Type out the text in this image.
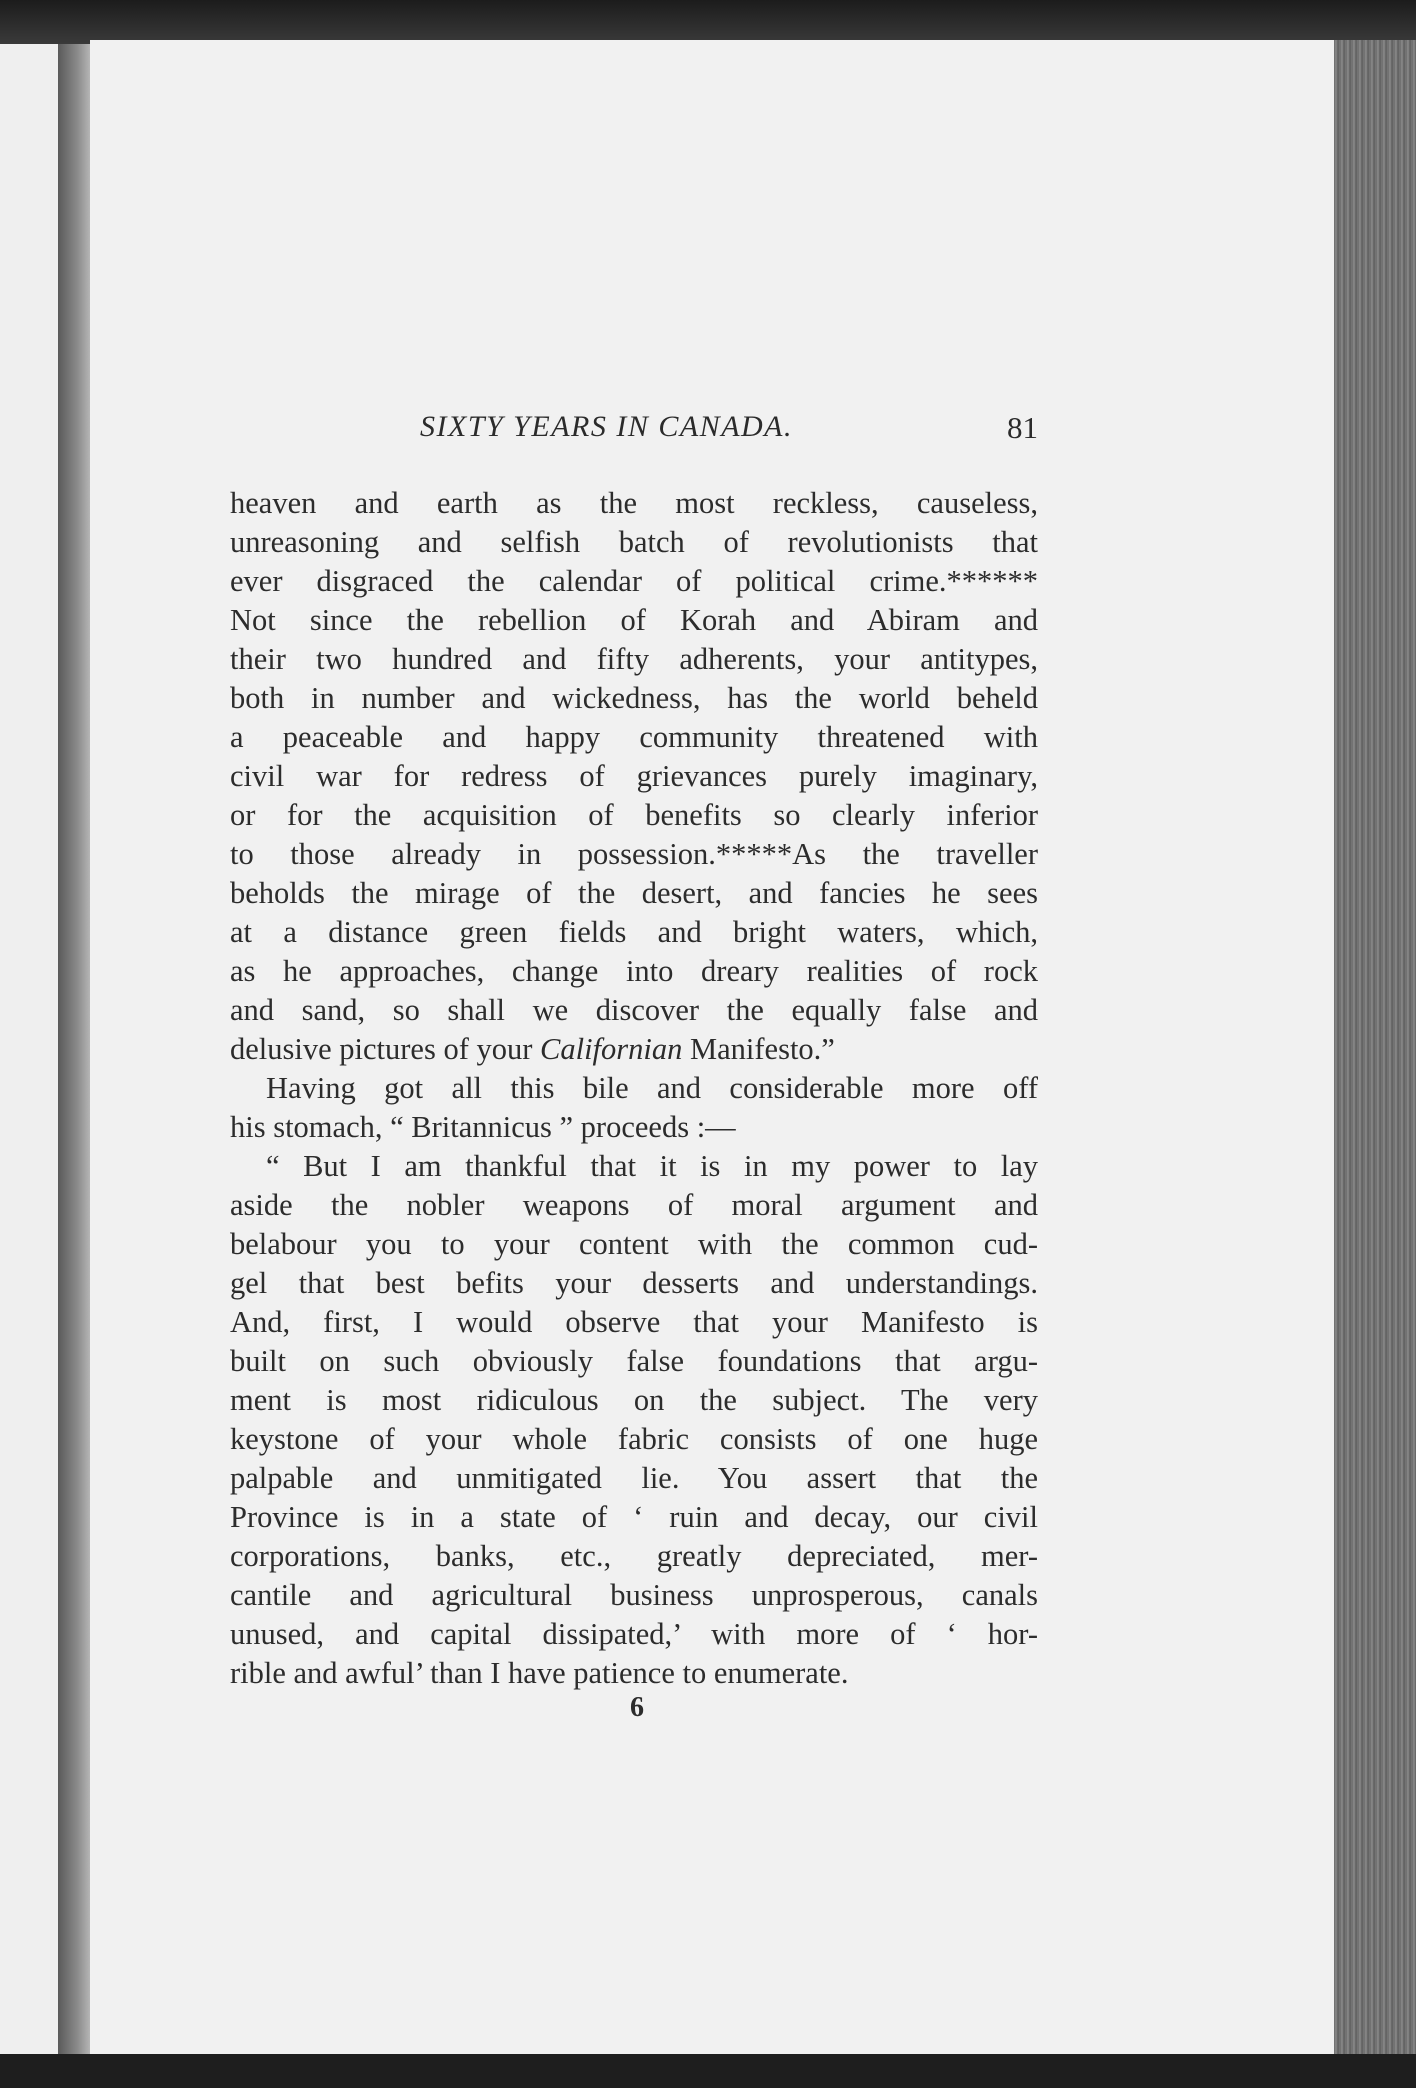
SIXTY YEARS IN CANADA.	81
heaven and earth as the most reckless, causeless,
unreasoning and selfish batch of revolutionists that
ever disgraced the calendar of political crime.******
Not since the rebellion of Korah and Abiram and
their two hundred and fifty adherents, your antitypes,
both in number and wickedness, has the world beheld
a peaceable and happy community threatened with
civil war for redress of grievances purely imaginary,
or for the acquisition of benefits so clearly inferior
to those already in possession.*****As the traveller
beholds the mirage of the desert, and fancies he sees
at a distance green fields and bright waters, which,
as he approaches, change into dreary realities of rock
and sand, so shall we discover the equally false and
delusive pictures of your Californian Manifesto.”
Having got all this bile and considerable more off
his stomach, “ Britannicus ” proceeds :—
“ But I am thankful that it is in my power to lay
aside the nobler weapons of moral argument and
belabour you to your content with the common cud-
gel that best befits your desserts and understandings.
And, first, I would observe that your Manifesto is
built on such obviously false foundations that argu-
ment is most ridiculous on the subject. The very
keystone of your whole fabric consists of one huge
palpable and unmitigated lie. You assert that the
Province is in a state of ‘ ruin and decay, our civil
corporations, banks, etc., greatly depreciated, mer-
cantile and agricultural business unprosperous, canals
unused, and capital dissipated,’ with more of ‘ hor-
rible and awful’ than I have patience to enumerate.
6
